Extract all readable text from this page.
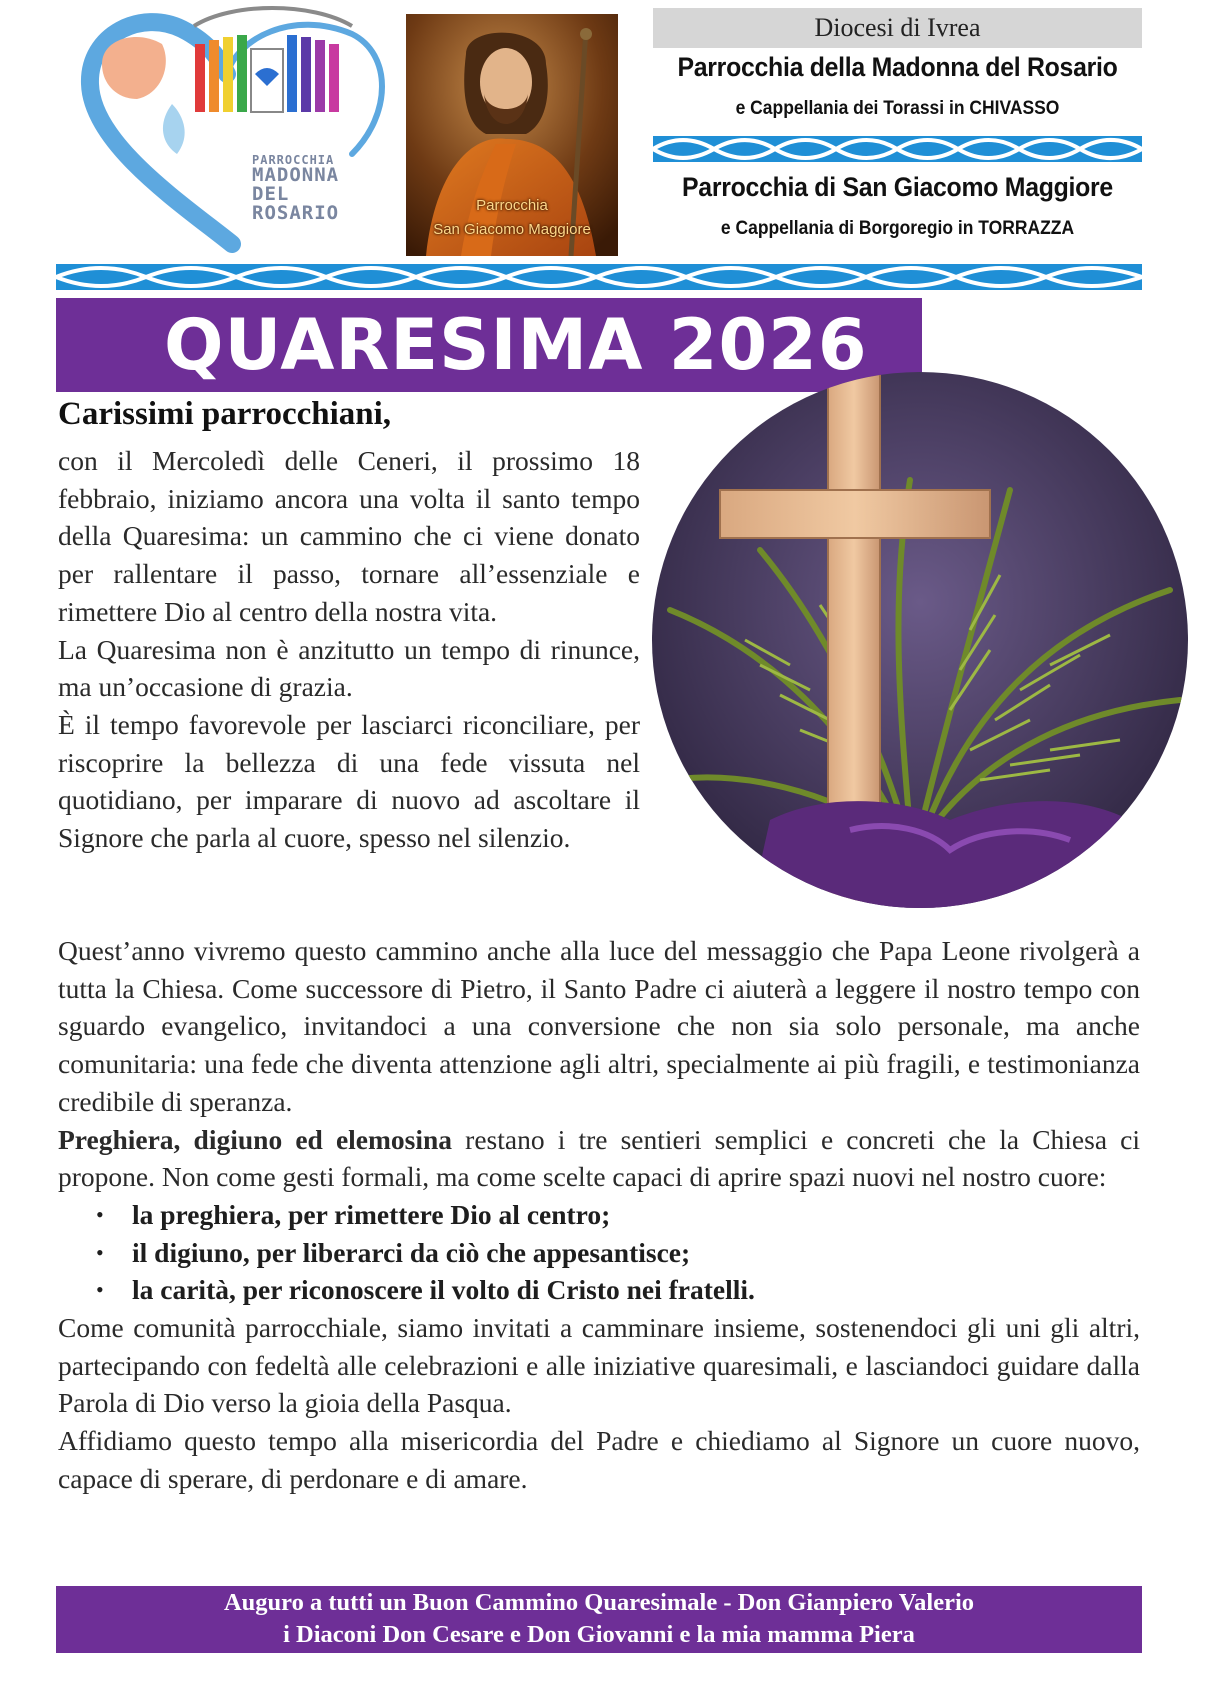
PARROCCHIA
MADONNA
DEL
ROSARIO	Parrocchia
San Giacomo Maggiore
Diocesi di Ivrea
Parrocchia della Madonna del Rosario
e Cappellania dei Torassi in CHIVASSO
Parrocchia di San Giacomo Maggiore
e Cappellania di Borgoregio in TORRAZZA
QUARESIMA 2026
Carissimi parrocchiani,

con il Mercoledì delle Ceneri, il prossimo 18 febbraio, iniziamo ancora una volta il santo tempo della Quaresima: un cammino che ci viene donato per rallentare il passo, tornare all’essenziale e rimettere Dio al centro della nostra vita.

La Quaresima non è anzitutto un tempo di rinunce, ma un’occasione di grazia.

È il tempo favorevole per lasciarci riconciliare, per riscoprire la bellezza di una fede vissuta nel quotidiano, per imparare di nuovo ad ascoltare il Signore che parla al cuore, spesso nel silenzio.

Quest’anno vivremo questo cammino anche alla luce del messaggio che Papa Leone rivolgerà a tutta la Chiesa. Come successore di Pietro, il Santo Padre ci aiuterà a leggere il nostro tempo con sguardo evangelico, invitandoci a una conversione che non sia solo personale, ma anche comunitaria: una fede che diventa attenzione agli altri, specialmente ai più fragili, e testimonianza credibile di speranza.

Preghiera, digiuno ed elemosina restano i tre sentieri semplici e concreti che la Chiesa ci propone. Non come gesti formali, ma come scelte capaci di aprire spazi nuovi nel nostro cuore:

• la preghiera, per rimettere Dio al centro;
• il digiuno, per liberarci da ciò che appesantisce;
• la carità, per riconoscere il volto di Cristo nei fratelli.

Come comunità parrocchiale, siamo invitati a camminare insieme, sostenendoci gli uni gli altri, partecipando con fedeltà alle celebrazioni e alle iniziative quaresimali, e lasciandoci guidare dalla Parola di Dio verso la gioia della Pasqua.

Affidiamo questo tempo alla misericordia del Padre e chiediamo al Signore un cuore nuovo, capace di sperare, di perdonare e di amare.

Auguro a tutti un Buon Cammino Quaresimale - Don Gianpiero Valerio
i Diaconi Don Cesare e Don Giovanni e la mia mamma Piera
